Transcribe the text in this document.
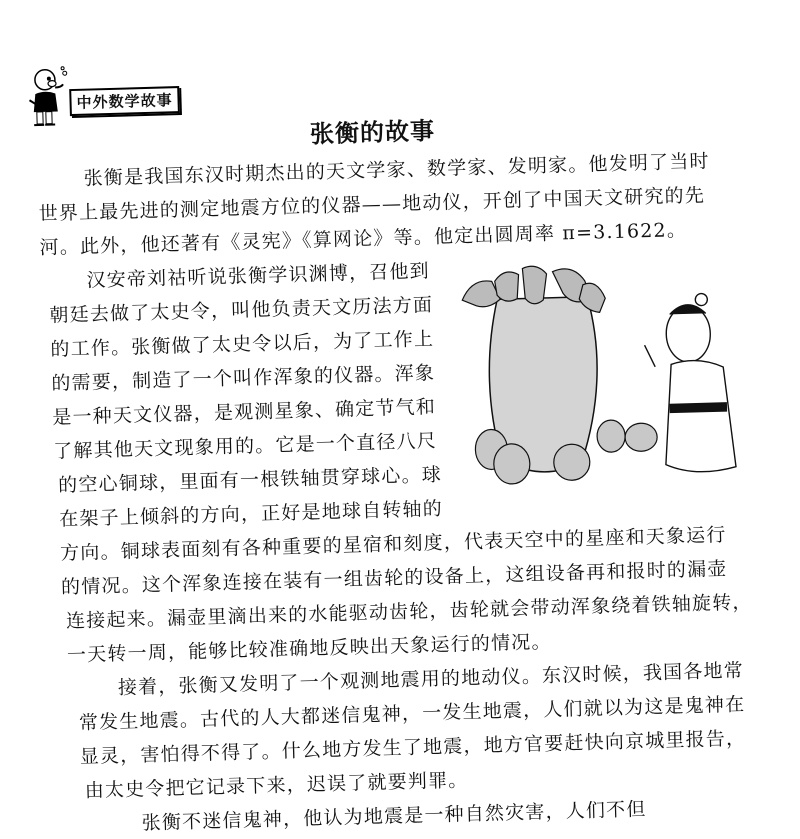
中外数学故事
张衡的故事
张衡是我国东汉时期杰出的天文学家、数学家、发明家。他发明了当时
世界上最先进的测定地震方位的仪器——地动仪，开创了中国天文研究的先
河。此外，他还著有《灵宪》《算网论》等。他定出圆周率 π=3.1622。
汉安帝刘祜听说张衡学识渊博，召他到
朝廷去做了太史令，叫他负责天文历法方面
的工作。张衡做了太史令以后，为了工作上
的需要，制造了一个叫作浑象的仪器。浑象
是一种天文仪器，是观测星象、确定节气和
了解其他天文现象用的。它是一个直径八尺
的空心铜球，里面有一根铁轴贯穿球心。球
在架子上倾斜的方向，正好是地球自转轴的
方向。铜球表面刻有各种重要的星宿和刻度，代表天空中的星座和天象运行
的情况。这个浑象连接在装有一组齿轮的设备上，这组设备再和报时的漏壶
连接起来。漏壶里滴出来的水能驱动齿轮，齿轮就会带动浑象绕着铁轴旋转，
一天转一周，能够比较准确地反映出天象运行的情况。
接着，张衡又发明了一个观测地震用的地动仪。东汉时候，我国各地常
常发生地震。古代的人大都迷信鬼神，一发生地震，人们就以为这是鬼神在
显灵，害怕得不得了。什么地方发生了地震，地方官要赶快向京城里报告，
由太史令把它记录下来，迟误了就要判罪。
张衡不迷信鬼神，他认为地震是一种自然灾害，人们不但
